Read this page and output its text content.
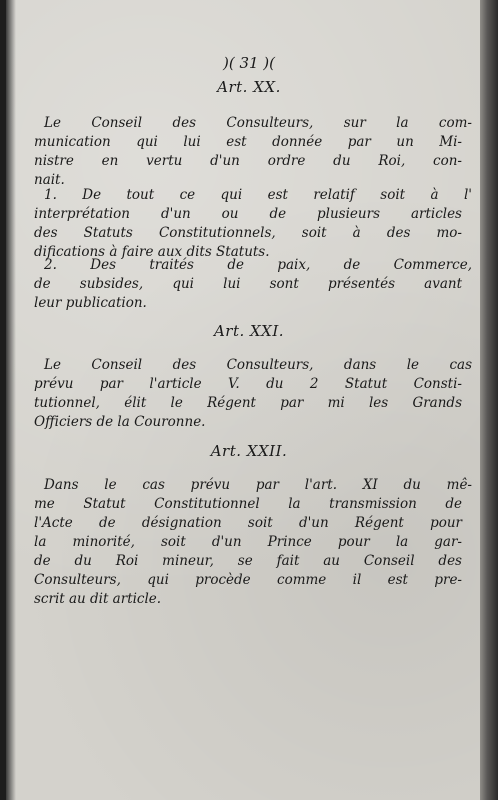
)( 31 )(
Art. XX.
Le Conseil des Consulteurs, sur la com-
munication qui lui est donnée par un Mi-
nistre en vertu d'un ordre du Roi, con-
nait.
1. De tout ce qui est relatif soit à l'
interprétation d'un ou de plusieurs articles
des Statuts Constitutionnels, soit à des mo-
difications à faire aux dits Statuts.
2. Des traités de paix, de Commerce,
de subsides, qui lui sont présentés avant
leur publication.
Art. XXI.
Le Conseil des Consulteurs, dans le cas
prévu par l'article V. du 2 Statut Consti-
tutionnel, élit le Régent par mi les Grands
Officiers de la Couronne.
Art. XXII.
Dans le cas prévu par l'art. XI du mê-
me Statut Constitutionnel la transmission de
l'Acte de désignation soit d'un Régent pour
la minorité, soit d'un Prince pour la gar-
de du Roi mineur, se fait au Conseil des
Consulteurs, qui procède comme il est pre-
scrit au dit article.
